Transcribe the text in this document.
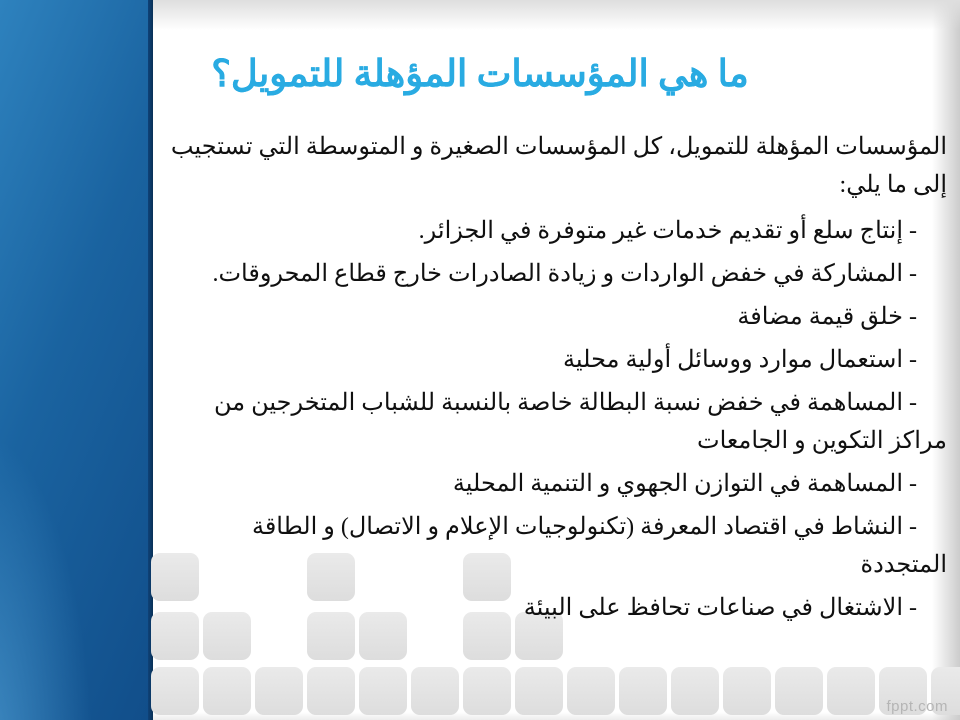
ما هي المؤسسات المؤهلة للتمويل؟

المؤسسات المؤهلة للتمويل، كل المؤسسات الصغيرة و المتوسطة التي تستجيب إلى ما يلي:

- إنتاج سلع أو تقديم خدمات غير متوفرة في الجزائر.

- المشاركة في خفض الواردات و زيادة الصادرات خارج قطاع المحروقات.

- خلق قيمة مضافة

- استعمال موارد ووسائل أولية محلية

- المساهمة في خفض نسبة البطالة خاصة بالنسبة للشباب المتخرجين من مراكز التكوين و الجامعات

- المساهمة في التوازن الجهوي و التنمية المحلية

- النشاط في اقتصاد المعرفة (تكنولوجيات الإعلام و الاتصال) و الطاقة المتجددة

- الاشتغال في صناعات تحافظ على البيئة

fppt.com
